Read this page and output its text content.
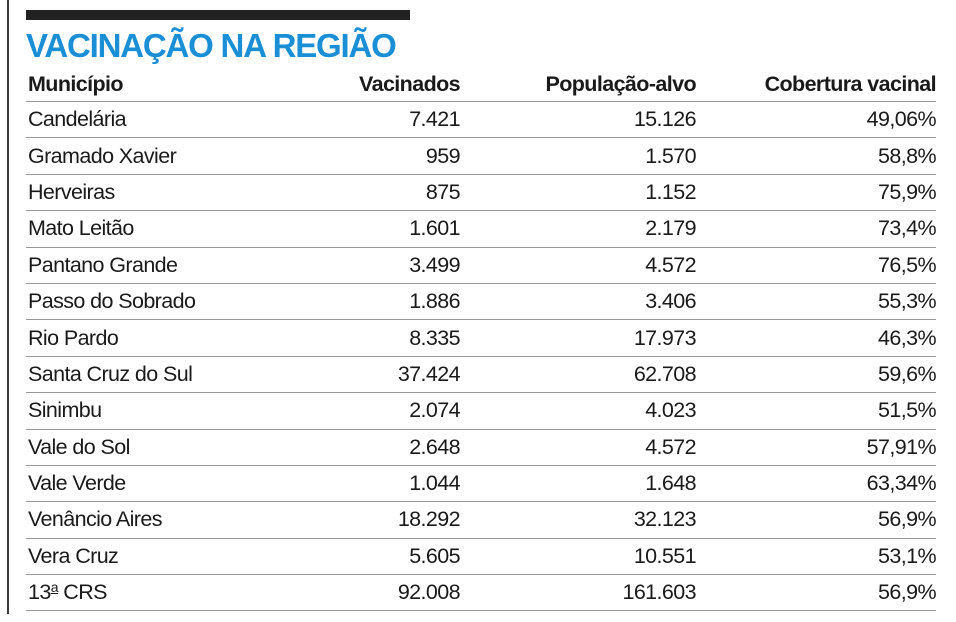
VACINAÇÃO NA REGIÃO
Município	Vacinados	População-alvo	Cobertura vacinal
Candelária	7.421	15.126	49,06%
Gramado Xavier	959	1.570	58,8%
Herveiras	875	1.152	75,9%
Mato Leitão	1.601	2.179	73,4%
Pantano Grande	3.499	4.572	76,5%
Passo do Sobrado	1.886	3.406	55,3%
Rio Pardo	8.335	17.973	46,3%
Santa Cruz do Sul	37.424	62.708	59,6%
Sinimbu	2.074	4.023	51,5%
Vale do Sol	2.648	4.572	57,91%
Vale Verde	1.044	1.648	63,34%
Venâncio Aires	18.292	32.123	56,9%
Vera Cruz	5.605	10.551	53,1%
13$^a$ CRS	92.008	161.603	56,9%
